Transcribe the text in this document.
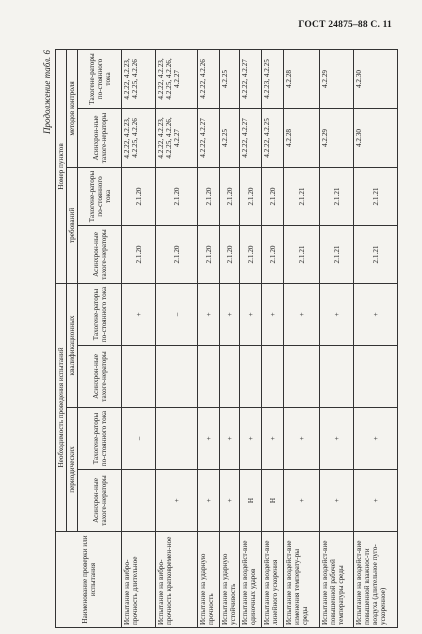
ГОСТ 24875–88 С. 11
Продолжение табл. 6
Наименование проверки или испытания	Необходимость проведения испытаний				Номер пунктов			
	периодических		квалификационных		требований		методов контроля	
	Асинхрон-ные тахоге-нераторы	Тахогене-раторы по-стоянного тока	Асинхрон-ные тахоге-нераторы	Тахогене-раторы по-стоянного тока	Асинхрон-ные тахоге-нераторы	Тахогене-раторы по-стоянного тока	Асинхрон-ные тахоге-нераторы	Тахогене-раторы по-стоянного тока
Испытание на вибро-прочность длительное		–		+	2.1.20	2.1.20	4.2.22, 4.2.23, 4.2.25, 4.2.26	4.2.22, 4.2.23, 4.2.25, 4.2.26
Испытание на вибро-прочность кратковремен-ное	+			–	2.1.20	2.1.20	4.2.22, 4.2.23, 4.2.25, 4.2.26, 4.2.27	4.2.22, 4.2.23, 4.2.25, 4.2.26, 4.2.27
Испытание на ударную прочность	+	+		+	2.1.20	2.1.20	4.2.22, 4.2.27	4.2.22, 4.2.26
Испытание на ударную устойчивость	+	+		+	2.1.20	2.1.20	4.2.25	4.2.25
Испытание на воздейст-вие одиночных ударов	Н	+		+	2.1.20	2.1.20	4.2.22, 4.2.27	4.2.22, 4.2.27
Испытание на воздейст-вие линейного ускорения	Н	+		+	2.1.20	2.1.20	4.2.22, 4.2.25	4.2.23, 4.2.25
Испытание на воздейст-вие изменения температу-ры среды	+	+		+	2.1.21	2.1.21	4.2.28	4.2.28
Испытание на воздейст-вие повышенной рабочей температуры среды	+	+		+	2.1.21	2.1.21	4.2.29	4.2.29
Испытание на воздейст-вие повышенной влажнос-ти воздуха (длительное пуго-ускоренное)	+	+		+	2.1.21	2.1.21	4.2.30	4.2.30
